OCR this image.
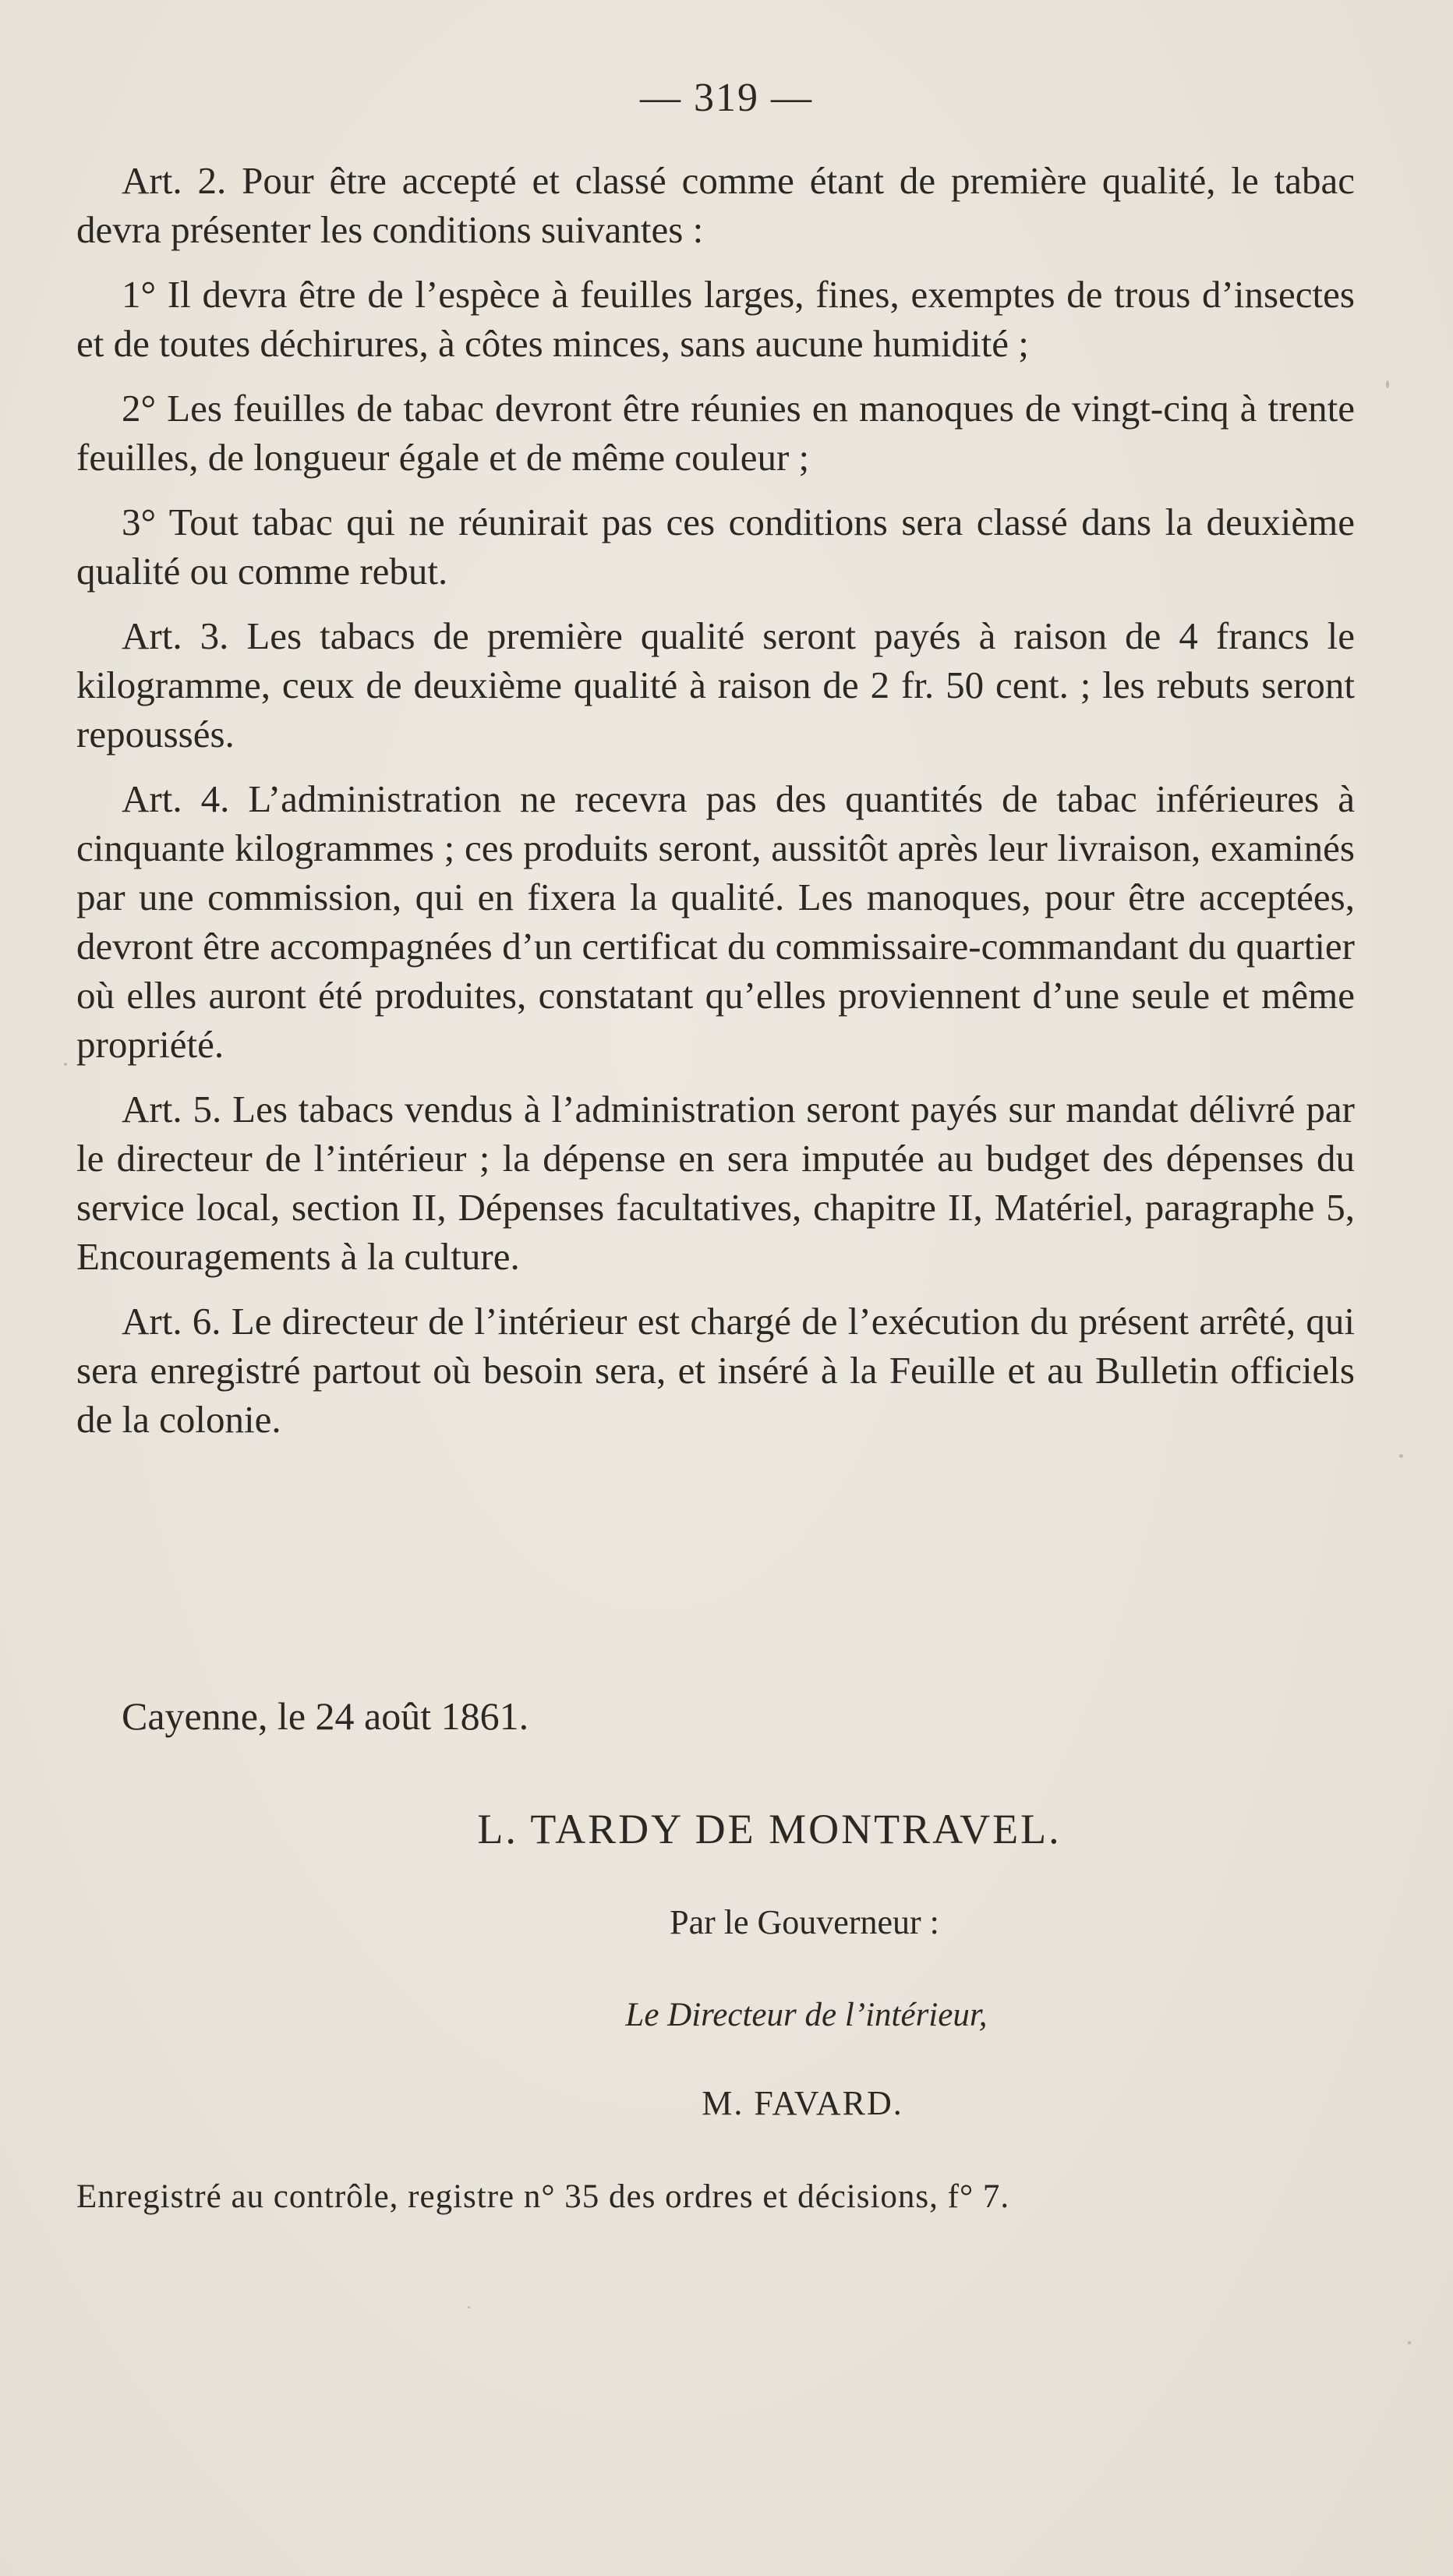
— 319 —

Art. 2. Pour être accepté et classé comme étant de première qualité, le tabac devra présenter les conditions suivantes :

1° Il devra être de l’espèce à feuilles larges, fines, exemptes de trous d’insectes et de toutes déchirures, à côtes minces, sans aucune humidité ;

2° Les feuilles de tabac devront être réunies en manoques de vingt-cinq à trente feuilles, de longueur égale et de même couleur ;

3° Tout tabac qui ne réunirait pas ces conditions sera classé dans la deuxième qualité ou comme rebut.

Art. 3. Les tabacs de première qualité seront payés à raison de 4 francs le kilogramme, ceux de deuxième qualité à raison de 2 fr. 50 cent. ; les rebuts seront repoussés.

Art. 4. L’administration ne recevra pas des quantités de tabac inférieures à cinquante kilogrammes ; ces produits seront, aussitôt après leur livraison, examinés par une commission, qui en fixera la qualité. Les manoques, pour être acceptées, devront être accompagnées d’un certificat du commissaire-commandant du quartier où elles auront été produites, constatant qu’elles proviennent d’une seule et même propriété.

Art. 5. Les tabacs vendus à l’administration seront payés sur mandat délivré par le directeur de l’intérieur ; la dépense en sera imputée au budget des dépenses du service local, section II, Dépenses facultatives, chapitre II, Matériel, paragraphe 5, Encouragements à la culture.

Art. 6. Le directeur de l’intérieur est chargé de l’exécution du présent arrêté, qui sera enregistré partout où besoin sera, et inséré à la Feuille et au Bulletin officiels de la colonie.

Cayenne, le 24 août 1861.
L. TARDY DE MONTRAVEL.
Par le Gouverneur :
Le Directeur de l’intérieur,
M. FAVARD.
Enregistré au contrôle, registre n° 35 des ordres et décisions, f° 7.
